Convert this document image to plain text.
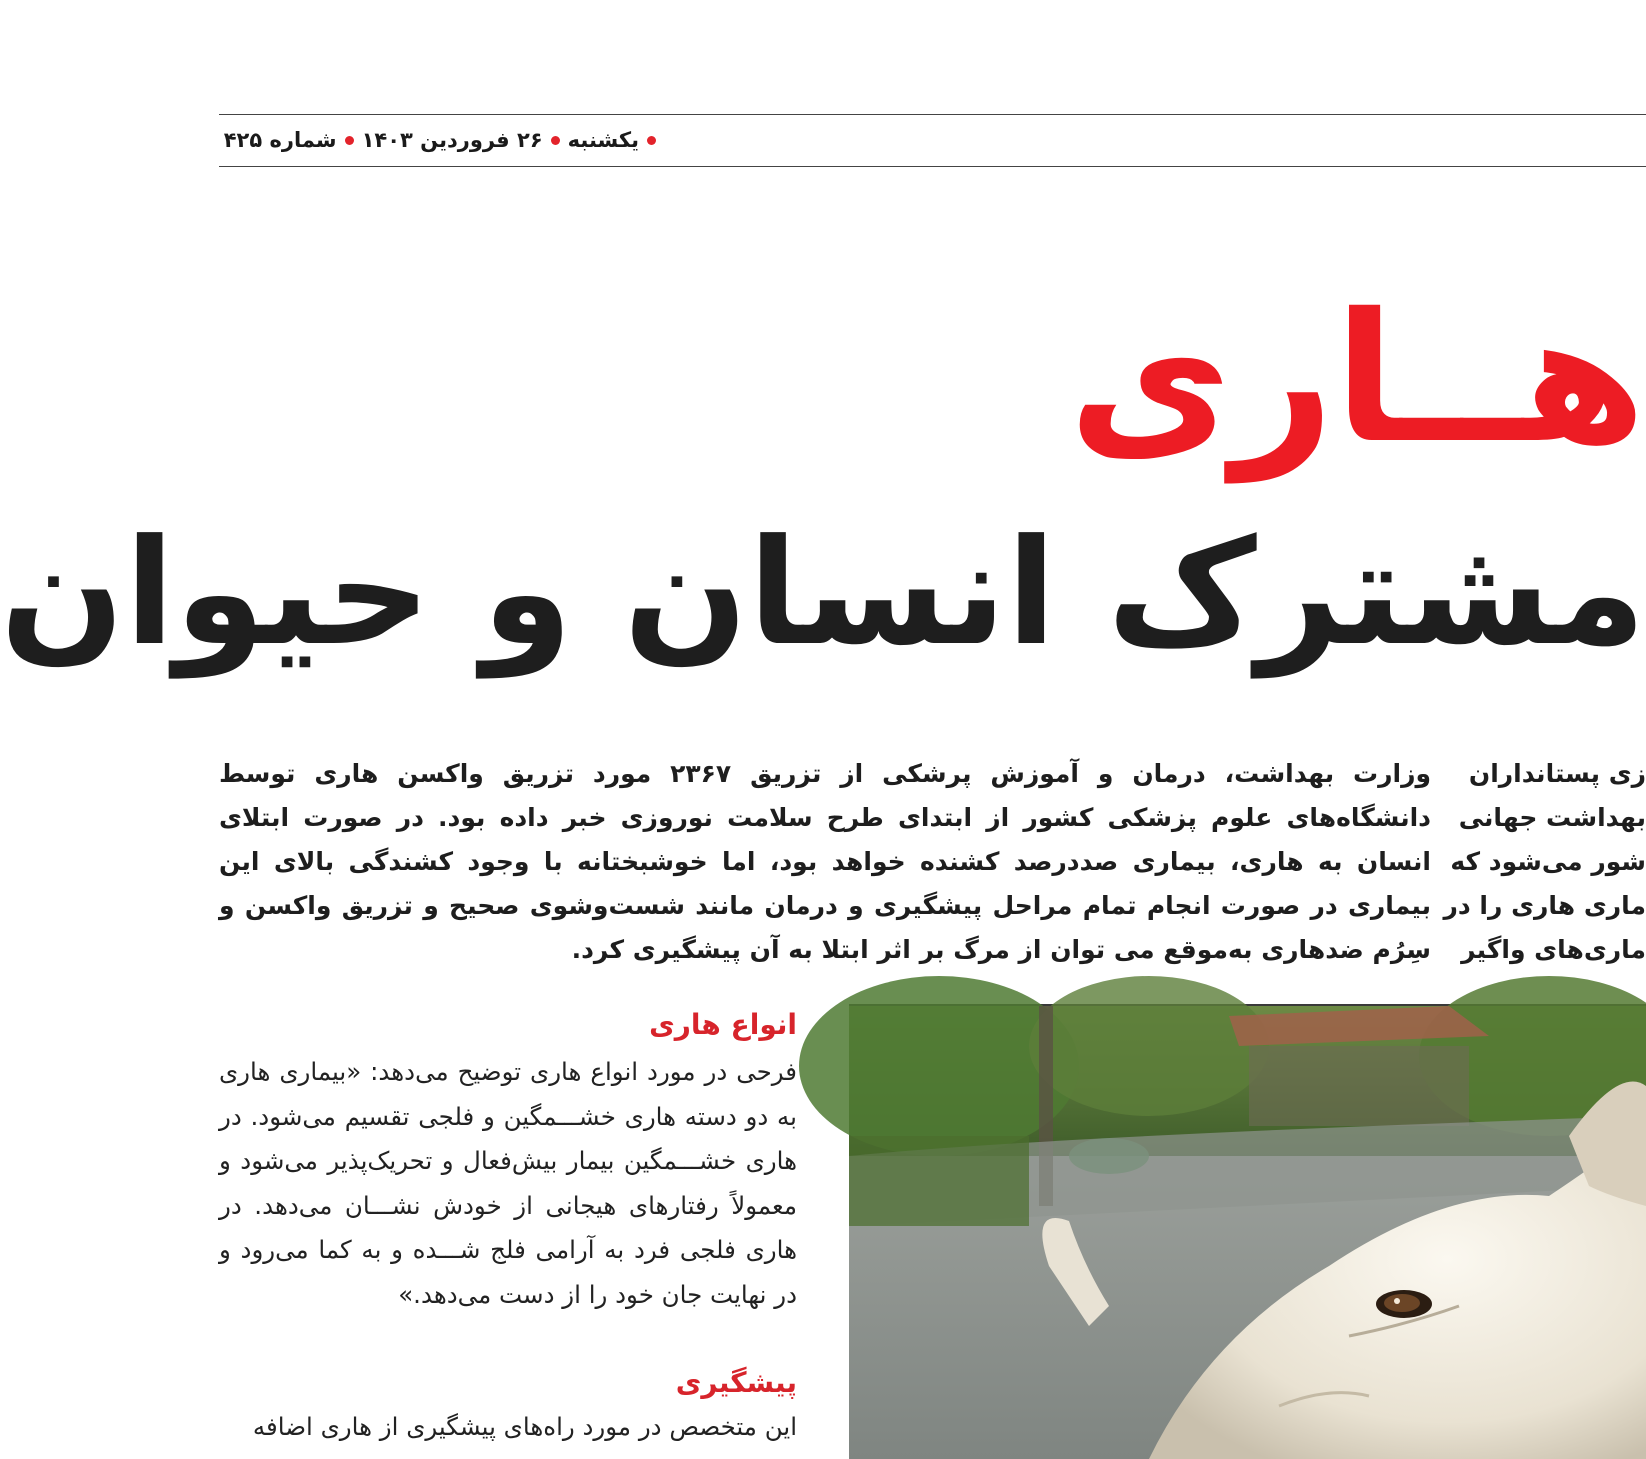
یکشنبه
۲۶ فروردین ۱۴۰۳
شماره ۴۲۵
هــاری
مشترک انسان و حیوان
زی پستانداران
بهداشت جهانی
شور می‌شود که
ماری هاری را در
ماری‌های واگیر

وزارت بهداشت، درمان و آموزش پرشکی از تزریق ۲۳۶۷ مورد تزریق واکسن هاری توسط دانشگاه‌های علوم پزشکی کشور از ابتدای طرح سلامت نوروزی خبر داده بود. در صورت ابتلای انسان به هاری، بیماری صددرصد کشنده خواهد بود، اما خوشبختانه با وجود کشندگی بالای این بیماری در صورت انجام تمام مراحل پیشگیری و درمان مانند شست‌وشوی صحیح و تزریق واکسن و سِرُم ضدهاری به‌موقع می توان از مرگ بر اثر ابتلا به آن پیشگیری کرد.

انواع هاری

فرحی در مورد انواع هاری توضیح می‌دهد: «بیماری هاری به دو دسته هاری خشـــمگین و فلجی تقسیم می‌شود. در هاری خشـــمگین بیمار بیش‌فعال و تحریک‌پذیر می‌شود و معمولاً رفتارهای هیجانی از خودش نشـــان می‌دهد. در هاری فلجی فرد به آرامی فلج شـــده و به کما می‌رود و در نهایت جان خود را از دست می‌دهد.»

پیشگیری

این متخصص در مورد راه‌های پیشگیری از هاری اضافه
